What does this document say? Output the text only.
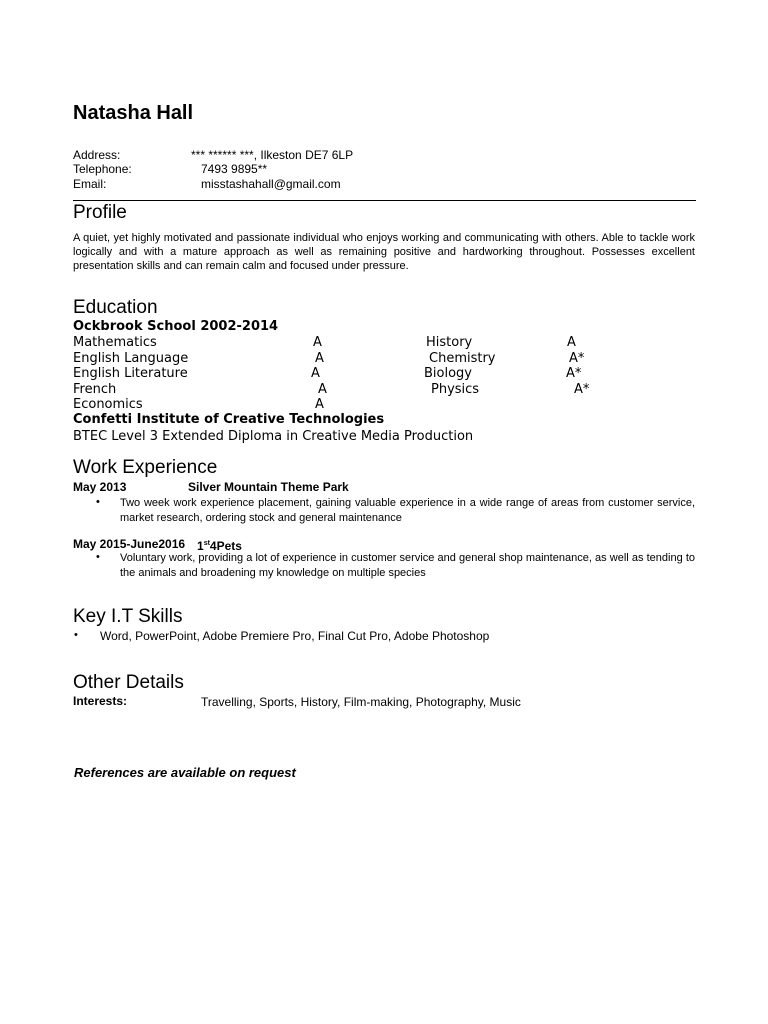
Natasha Hall
Address:	*** ****** ***, Ilkeston DE7 6LP
Telephone:	7493 9895**
Email:	misstashahall@gmail.com
Profile
A quiet, yet highly motivated and passionate individual who enjoys working and communicating with others. Able to tackle work logically and with a mature approach as well as remaining positive and hardworking throughout. Possesses excellent presentation skills and can remain calm and focused under pressure.
Education
Ockbrook School 2002-2014
Mathematics	A	History	A
English Language	A	Chemistry	A*
English Literature	A	Biology	A*
French	A	Physics	A*
Economics	A
Confetti Institute of Creative Technologies
BTEC Level 3 Extended Diploma in Creative Media Production
Work Experience
May 2013	Silver Mountain Theme Park
• Two week work experience placement, gaining valuable experience in a wide range of areas from customer service, market research, ordering stock and general maintenance
May 2015-June2016 1st4Pets
• Voluntary work, providing a lot of experience in customer service and general shop maintenance, as well as tending to the animals and broadening my knowledge on multiple species
Key I.T Skills
• Word, PowerPoint, Adobe Premiere Pro, Final Cut Pro, Adobe Photoshop
Other Details
Interests:	Travelling, Sports, History, Film-making, Photography, Music
References are available on request
